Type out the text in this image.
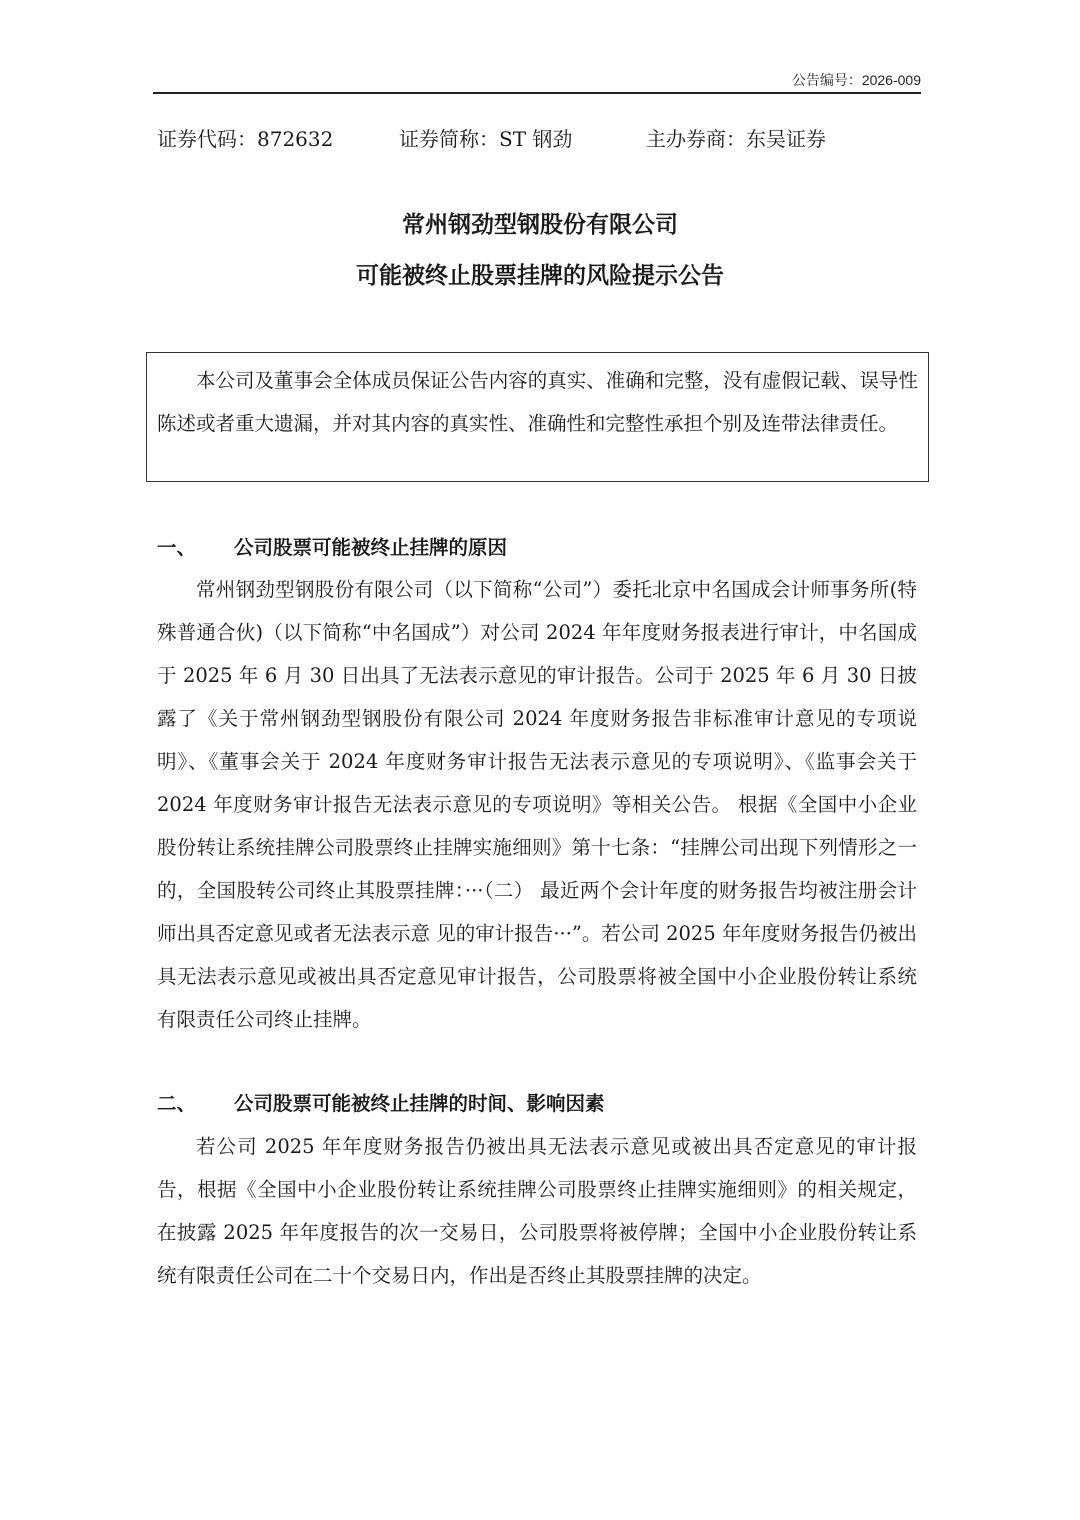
公告编号：2026-009
证券代码：872632	证券简称：ST 钢劲	主办券商：东吴证券
常州钢劲型钢股份有限公司
可能被终止股票挂牌的风险提示公告
本公司及董事会全体成员保证公告内容的真实、准确和完整，没有虚假记载、误导性陈述或者重大遗漏，并对其内容的真实性、准确性和完整性承担个别及连带法律责任。
一、 公司股票可能被终止挂牌的原因
常州钢劲型钢股份有限公司（以下简称“公司”）委托北京中名国成会计师事务所(特殊普通合伙)（以下简称“中名国成”）对公司 2024 年年度财务报表进行审计，中名国成于 2025 年 6 月 30 日出具了无法表示意见的审计报告。公司于 2025 年 6 月 30 日披露了《关于常州钢劲型钢股份有限公司 2024 年度财务报告非标准审计意见的专项说明》、《董事会关于 2024 年度财务审计报告无法表示意见的专项说明》、《监事会关于 2024 年度财务审计报告无法表示意见的专项说明》等相关公告。 根据《全国中小企业股份转让系统挂牌公司股票终止挂牌实施细则》第十七条：“挂牌公司出现下列情形之一的，全国股转公司终止其股票挂牌：···（二） 最近两个会计年度的财务报告均被注册会计师出具否定意见或者无法表示意 见的审计报告···”。若公司 2025 年年度财务报告仍被出具无法表示意见或被出具否定意见审计报告，公司股票将被全国中小企业股份转让系统有限责任公司终止挂牌。
二、 公司股票可能被终止挂牌的时间、影响因素
若公司 2025 年年度财务报告仍被出具无法表示意见或被出具否定意见的审计报告，根据《全国中小企业股份转让系统挂牌公司股票终止挂牌实施细则》的相关规定，在披露 2025 年年度报告的次一交易日，公司股票将被停牌；全国中小企业股份转让系统有限责任公司在二十个交易日内，作出是否终止其股票挂牌的决定。
